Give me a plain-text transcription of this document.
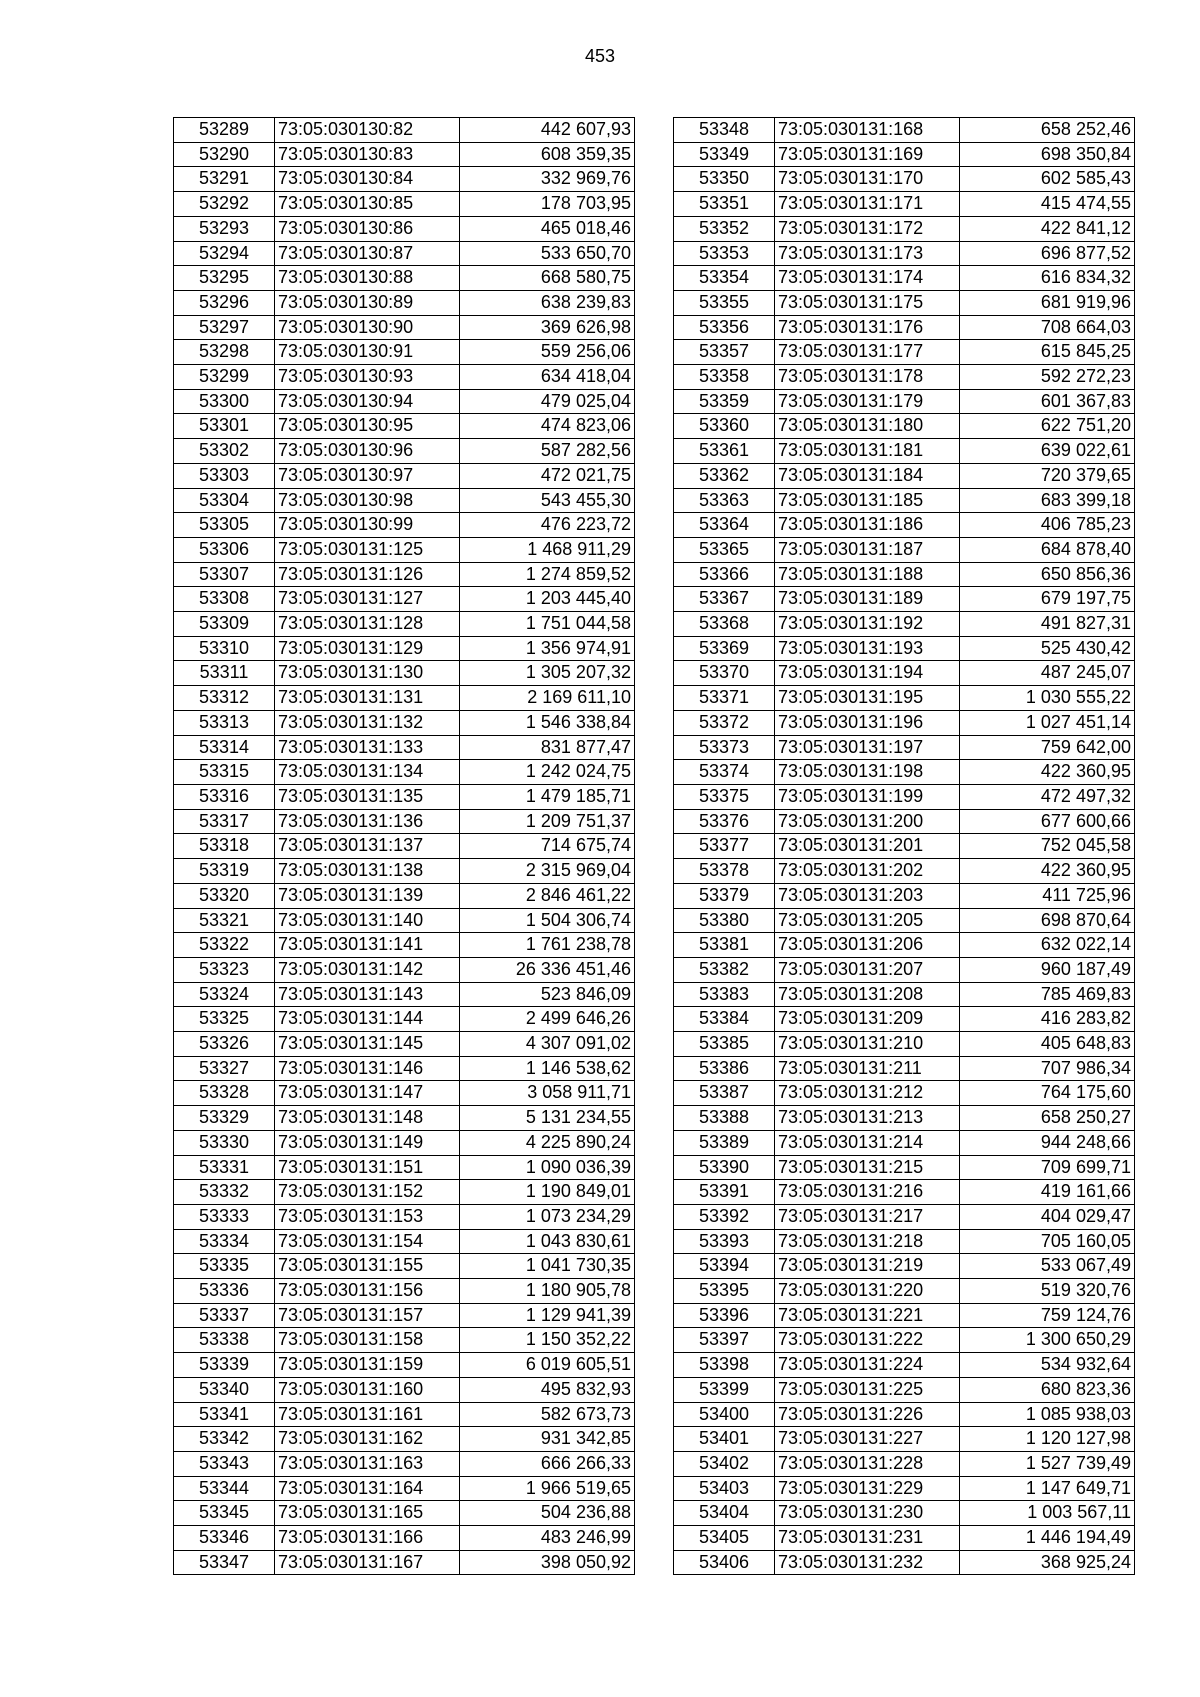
453
53289	73:05:030130:82	442 607,93
53290	73:05:030130:83	608 359,35
53291	73:05:030130:84	332 969,76
53292	73:05:030130:85	178 703,95
53293	73:05:030130:86	465 018,46
53294	73:05:030130:87	533 650,70
53295	73:05:030130:88	668 580,75
53296	73:05:030130:89	638 239,83
53297	73:05:030130:90	369 626,98
53298	73:05:030130:91	559 256,06
53299	73:05:030130:93	634 418,04
53300	73:05:030130:94	479 025,04
53301	73:05:030130:95	474 823,06
53302	73:05:030130:96	587 282,56
53303	73:05:030130:97	472 021,75
53304	73:05:030130:98	543 455,30
53305	73:05:030130:99	476 223,72
53306	73:05:030131:125	1 468 911,29
53307	73:05:030131:126	1 274 859,52
53308	73:05:030131:127	1 203 445,40
53309	73:05:030131:128	1 751 044,58
53310	73:05:030131:129	1 356 974,91
53311	73:05:030131:130	1 305 207,32
53312	73:05:030131:131	2 169 611,10
53313	73:05:030131:132	1 546 338,84
53314	73:05:030131:133	831 877,47
53315	73:05:030131:134	1 242 024,75
53316	73:05:030131:135	1 479 185,71
53317	73:05:030131:136	1 209 751,37
53318	73:05:030131:137	714 675,74
53319	73:05:030131:138	2 315 969,04
53320	73:05:030131:139	2 846 461,22
53321	73:05:030131:140	1 504 306,74
53322	73:05:030131:141	1 761 238,78
53323	73:05:030131:142	26 336 451,46
53324	73:05:030131:143	523 846,09
53325	73:05:030131:144	2 499 646,26
53326	73:05:030131:145	4 307 091,02
53327	73:05:030131:146	1 146 538,62
53328	73:05:030131:147	3 058 911,71
53329	73:05:030131:148	5 131 234,55
53330	73:05:030131:149	4 225 890,24
53331	73:05:030131:151	1 090 036,39
53332	73:05:030131:152	1 190 849,01
53333	73:05:030131:153	1 073 234,29
53334	73:05:030131:154	1 043 830,61
53335	73:05:030131:155	1 041 730,35
53336	73:05:030131:156	1 180 905,78
53337	73:05:030131:157	1 129 941,39
53338	73:05:030131:158	1 150 352,22
53339	73:05:030131:159	6 019 605,51
53340	73:05:030131:160	495 832,93
53341	73:05:030131:161	582 673,73
53342	73:05:030131:162	931 342,85
53343	73:05:030131:163	666 266,33
53344	73:05:030131:164	1 966 519,65
53345	73:05:030131:165	504 236,88
53346	73:05:030131:166	483 246,99
53347	73:05:030131:167	398 050,92
53348	73:05:030131:168	658 252,46
53349	73:05:030131:169	698 350,84
53350	73:05:030131:170	602 585,43
53351	73:05:030131:171	415 474,55
53352	73:05:030131:172	422 841,12
53353	73:05:030131:173	696 877,52
53354	73:05:030131:174	616 834,32
53355	73:05:030131:175	681 919,96
53356	73:05:030131:176	708 664,03
53357	73:05:030131:177	615 845,25
53358	73:05:030131:178	592 272,23
53359	73:05:030131:179	601 367,83
53360	73:05:030131:180	622 751,20
53361	73:05:030131:181	639 022,61
53362	73:05:030131:184	720 379,65
53363	73:05:030131:185	683 399,18
53364	73:05:030131:186	406 785,23
53365	73:05:030131:187	684 878,40
53366	73:05:030131:188	650 856,36
53367	73:05:030131:189	679 197,75
53368	73:05:030131:192	491 827,31
53369	73:05:030131:193	525 430,42
53370	73:05:030131:194	487 245,07
53371	73:05:030131:195	1 030 555,22
53372	73:05:030131:196	1 027 451,14
53373	73:05:030131:197	759 642,00
53374	73:05:030131:198	422 360,95
53375	73:05:030131:199	472 497,32
53376	73:05:030131:200	677 600,66
53377	73:05:030131:201	752 045,58
53378	73:05:030131:202	422 360,95
53379	73:05:030131:203	411 725,96
53380	73:05:030131:205	698 870,64
53381	73:05:030131:206	632 022,14
53382	73:05:030131:207	960 187,49
53383	73:05:030131:208	785 469,83
53384	73:05:030131:209	416 283,82
53385	73:05:030131:210	405 648,83
53386	73:05:030131:211	707 986,34
53387	73:05:030131:212	764 175,60
53388	73:05:030131:213	658 250,27
53389	73:05:030131:214	944 248,66
53390	73:05:030131:215	709 699,71
53391	73:05:030131:216	419 161,66
53392	73:05:030131:217	404 029,47
53393	73:05:030131:218	705 160,05
53394	73:05:030131:219	533 067,49
53395	73:05:030131:220	519 320,76
53396	73:05:030131:221	759 124,76
53397	73:05:030131:222	1 300 650,29
53398	73:05:030131:224	534 932,64
53399	73:05:030131:225	680 823,36
53400	73:05:030131:226	1 085 938,03
53401	73:05:030131:227	1 120 127,98
53402	73:05:030131:228	1 527 739,49
53403	73:05:030131:229	1 147 649,71
53404	73:05:030131:230	1 003 567,11
53405	73:05:030131:231	1 446 194,49
53406	73:05:030131:232	368 925,24
